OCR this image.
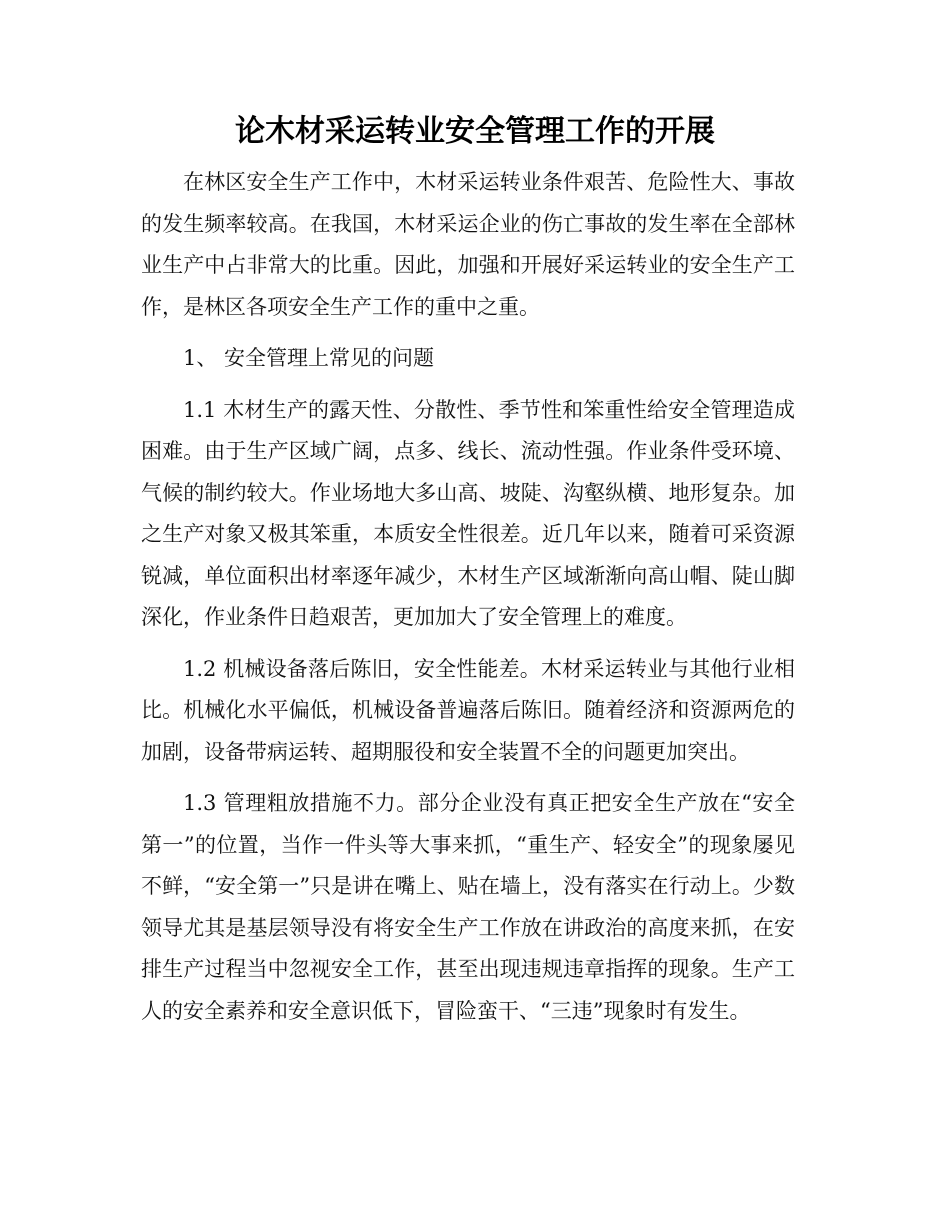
论木材采运转业安全管理工作的开展

在林区安全生产工作中，木材采运转业条件艰苦、危险性大、事故的发生频率较高。在我国，木材采运企业的伤亡事故的发生率在全部林业生产中占非常大的比重。因此，加强和开展好采运转业的安全生产工作，是林区各项安全生产工作的重中之重。

1、 安全管理上常见的问题

1.1 木材生产的露天性、分散性、季节性和笨重性给安全管理造成困难。由于生产区域广阔，点多、线长、流动性强。作业条件受环境、气候的制约较大。作业场地大多山高、坡陡、沟壑纵横、地形复杂。加之生产对象又极其笨重，本质安全性很差。近几年以来，随着可采资源锐减，单位面积出材率逐年减少，木材生产区域渐渐向高山帽、陡山脚深化，作业条件日趋艰苦，更加加大了安全管理上的难度。

1.2 机械设备落后陈旧，安全性能差。木材采运转业与其他行业相比。机械化水平偏低，机械设备普遍落后陈旧。随着经济和资源两危的加剧，设备带病运转、超期服役和安全装置不全的问题更加突出。

1.3 管理粗放措施不力。部分企业没有真正把安全生产放在“安全第一”的位置，当作一件头等大事来抓，“重生产、轻安全”的现象屡见不鲜，“安全第一”只是讲在嘴上、贴在墙上，没有落实在行动上。少数领导尤其是基层领导没有将安全生产工作放在讲政治的高度来抓，在安排生产过程当中忽视安全工作，甚至出现违规违章指挥的现象。生产工人的安全素养和安全意识低下，冒险蛮干、“三违”现象时有发生。
